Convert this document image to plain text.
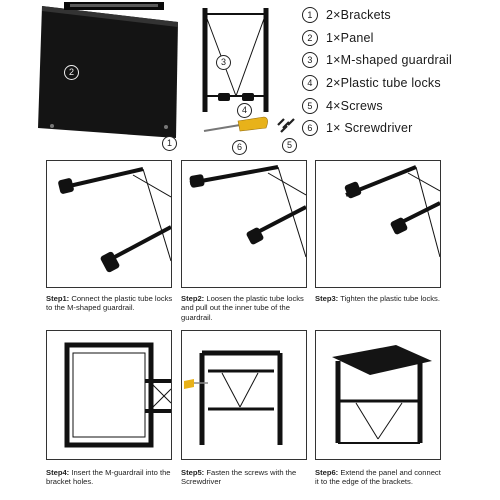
2
1
3
4
6	5
1	2×Brackets
2	1×Panel
3	1×M-shaped guardrail
4	2×Plastic tube locks
5	4×Screws
6	1× Screwdriver
Step1: Connect the plastic tube locks to the M-shaped guardrail.
Step2: Loosen the plastic tube locks and pull out the inner tube of the guardrail.
Step3: Tighten the plastic tube locks.
Step4: Insert the M-guardrail into the bracket holes.
Step5: Fasten the screws with the Screwdriver
Step6: Extend the panel and connect it to the edge of the brackets.
